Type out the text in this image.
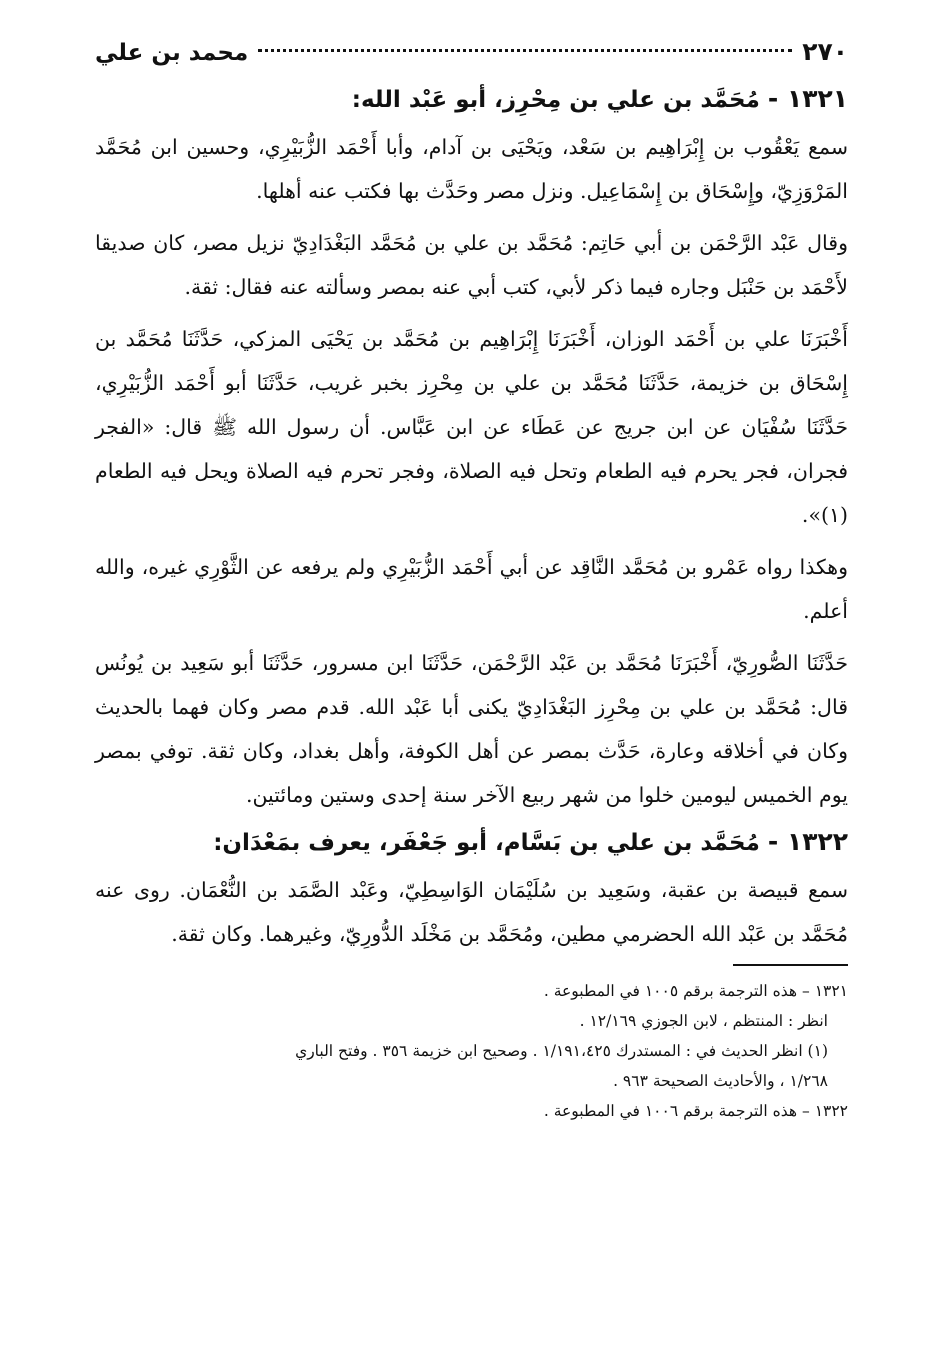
٢٧٠
محمد بن علي
١٣٢١ -مُحَمَّد بن علي بن مِحْرِز، أبو عَبْد الله:

سمع يَعْقُوب بن إِبْرَاهِيم بن سَعْد، ويَحْيَى بن آدام، وأبا أَحْمَد الزُّبَيْرِي، وحسين ابن مُحَمَّد المَرْوَزِيّ، وإِسْحَاق بن إِسْمَاعِيل. ونزل مصر وحَدَّث بها فكتب عنه أهلها.

وقال عَبْد الرَّحْمَن بن أبي حَاتِم: مُحَمَّد بن علي بن مُحَمَّد البَغْدَادِيّ نزيل مصر، كان صديقا لأَحْمَد بن حَنْبَل وجاره فيما ذكر لأبي، كتب أبي عنه بمصر وسألته عنه فقال: ثقة.

أَخْبَرَنَا علي بن أَحْمَد الوزان، أَخْبَرَنَا إِبْرَاهِيم بن مُحَمَّد بن يَحْيَى المزكي، حَدَّثَنَا مُحَمَّد بن إِسْحَاق بن خزيمة، حَدَّثَنَا مُحَمَّد بن علي بن مِحْرِز بخبر غريب، حَدَّثَنَا أبو أَحْمَد الزُّبَيْرِي، حَدَّثَنَا سُفْيَان عن ابن جريج عن عَطَاء عن ابن عَبَّاس. أن رسول الله ﷺ قال: «الفجر فجران، فجر يحرم فيه الطعام وتحل فيه الصلاة، وفجر تحرم فيه الصلاة ويحل فيه الطعام (١)».

وهكذا رواه عَمْرو بن مُحَمَّد النَّاقِد عن أبي أَحْمَد الزُّبَيْرِي ولم يرفعه عن الثَّوْرِي غيره، والله أعلم.

حَدَّثَنَا الصُّورِيّ، أَخْبَرَنَا مُحَمَّد بن عَبْد الرَّحْمَن، حَدَّثَنَا ابن مسرور، حَدَّثَنَا أبو سَعِيد بن يُونُس قال: مُحَمَّد بن علي بن مِحْرِز البَغْدَادِيّ يكنى أبا عَبْد الله. قدم مصر وكان فهما بالحديث وكان في أخلاقه وعارة، حَدَّث بمصر عن أهل الكوفة، وأهل بغداد، وكان ثقة. توفي بمصر يوم الخميس ليومين خلوا من شهر ربيع الآخر سنة إحدى وستين ومائتين.

١٣٢٢ -مُحَمَّد بن علي بن بَسَّام، أبو جَعْفَر، يعرف بمَعْدَان:

سمع قبيصة بن عقبة، وسَعِيد بن سُلَيْمَان الوَاسِطِيّ، وعَبْد الصَّمَد بن النُّعْمَان. روى عنه مُحَمَّد بن عَبْد الله الحضرمي مطين، ومُحَمَّد بن مَخْلَد الدُّورِيّ، وغيرهما. وكان ثقة.

١٣٢١ – هذه الترجمة برقم ١٠٠٥ في المطبوعة .

انظر : المنتظم ، لابن الجوزي ١٢/١٦٩ .

(١) انظر الحديث في : المستدرك ١/١٩١،٤٢٥ . وصحيح ابن خزيمة ٣٥٦ . وفتح الباري

١/٢٦٨ ، والأحاديث الصحيحة ٩٦٣ .

١٣٢٢ – هذه الترجمة برقم ١٠٠٦ في المطبوعة .
